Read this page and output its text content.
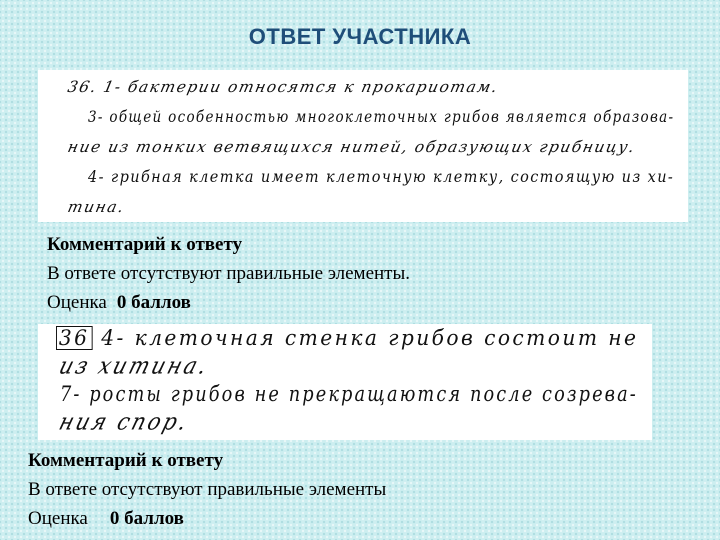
ОТВЕТ УЧАСТНИКА

36. 1- бактерии относятся к прокариотам.

3- общей особенностью многоклеточных грибов является образова-

ние из тонких ветвящихся нитей, образующих грибницу.

4- грибная клетка имеет клеточную клетку, состоящую из хи-

тина.

Комментарий к ответу
В ответе отсутствуют правильные элементы.
Оценка 0 баллов

36 4- клеточная стенка грибов состоит не

из хитина.

7- росты грибов не прекращаются после созрева-

ния спор.

Комментарий к ответу
В ответе отсутствуют правильные элементы
Оценка 0 баллов
